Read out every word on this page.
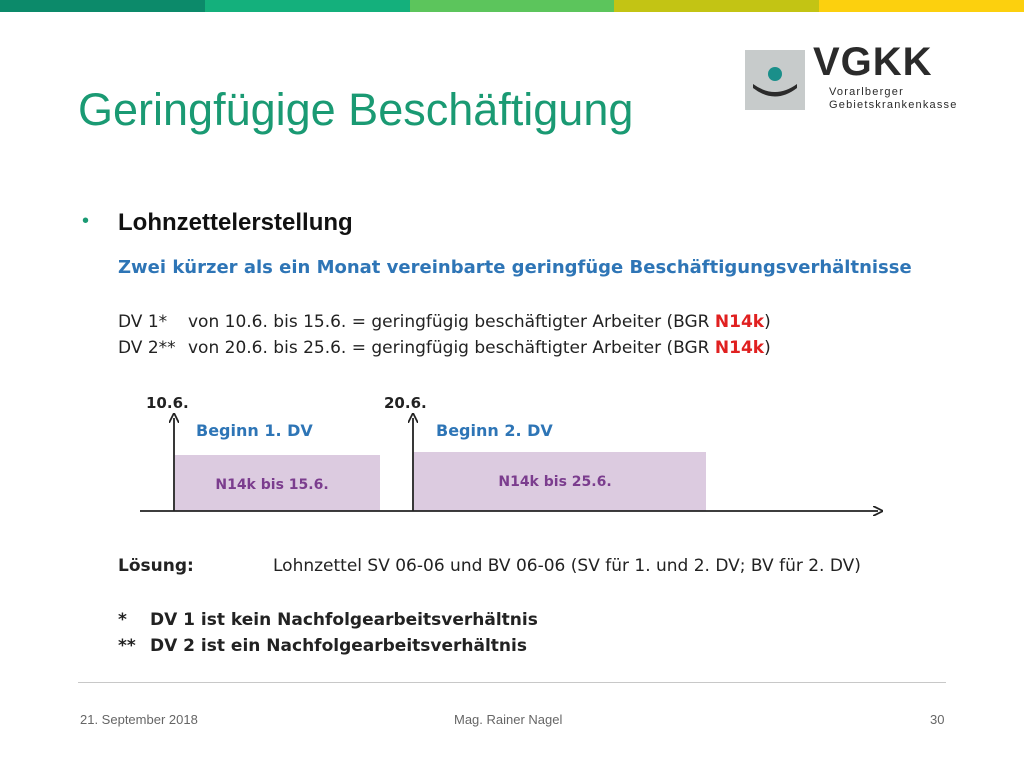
Geringfügige Beschäftigung
VGKK
Vorarlberger
Gebietskrankenkasse
• Lohnzettelerstellung
Zwei kürzer als ein Monat vereinbarte geringfüge Beschäftigungsverhältnisse
DV 1* von 10.6. bis 15.6. = geringfügig beschäftigter Arbeiter (BGR N14k)
DV 2** von 20.6. bis 25.6. = geringfügig beschäftigter Arbeiter (BGR N14k)
10.6.	20.6.
Beginn 1. DV	Beginn 2. DV
N14k bis 15.6.	N14k bis 25.6.
Lösung:	Lohnzettel SV 06-06 und BV 06-06 (SV für 1. und 2. DV; BV für 2. DV)
* DV 1 ist kein Nachfolgearbeitsverhältnis
** DV 2 ist ein Nachfolgearbeitsverhältnis
21. September 2018	Mag. Rainer Nagel	30
